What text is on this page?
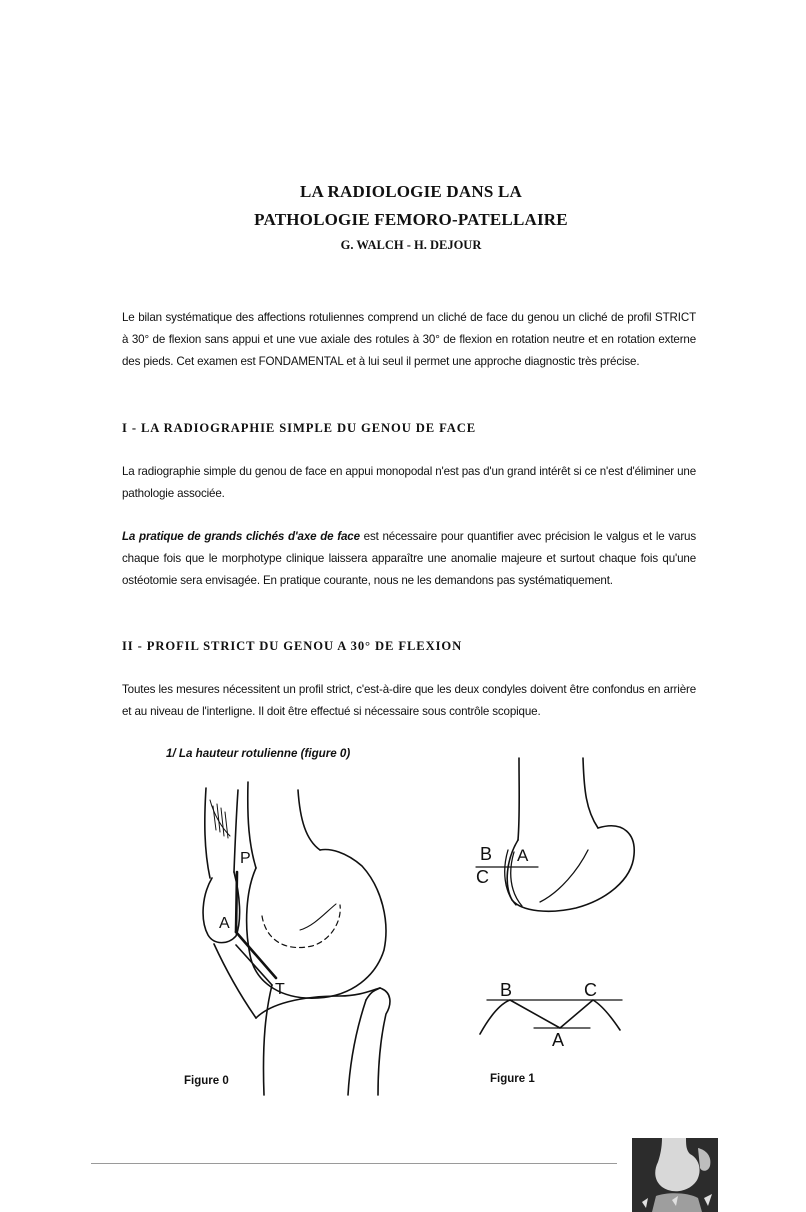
LA RADIOLOGIE DANS LA
PATHOLOGIE FEMORO-PATELLAIRE
G. WALCH - H. DEJOUR
Le bilan systématique des affections rotuliennes comprend un cliché de face du genou un cliché de profil STRICT à 30° de flexion sans appui et une vue axiale des rotules à 30° de flexion en rotation neutre et en rotation externe des pieds. Cet examen est FONDAMENTAL et à lui seul il permet une approche diagnostic très précise.
I - LA RADIOGRAPHIE SIMPLE DU GENOU DE FACE
La radiographie simple du genou de face en appui monopodal n'est pas d'un grand intérêt si ce n'est d'éliminer une pathologie associée.
La pratique de grands clichés d'axe de face est nécessaire pour quantifier avec précision le valgus et le varus chaque fois que le morphotype clinique laissera apparaître une anomalie majeure et surtout chaque fois qu'une ostéotomie sera envisagée. En pratique courante, nous ne les demandons pas systématiquement.
II - PROFIL STRICT DU GENOU A 30° DE FLEXION
Toutes les mesures nécessitent un profil strict, c'est-à-dire que les deux condyles doivent être confondus en arrière et au niveau de l'interligne. Il doit être effectué si nécessaire sous contrôle scopique.
1/ La hauteur rotulienne (figure 0)
P
A
T
B A
C
B	C
A
Figure 0	Figure 1
